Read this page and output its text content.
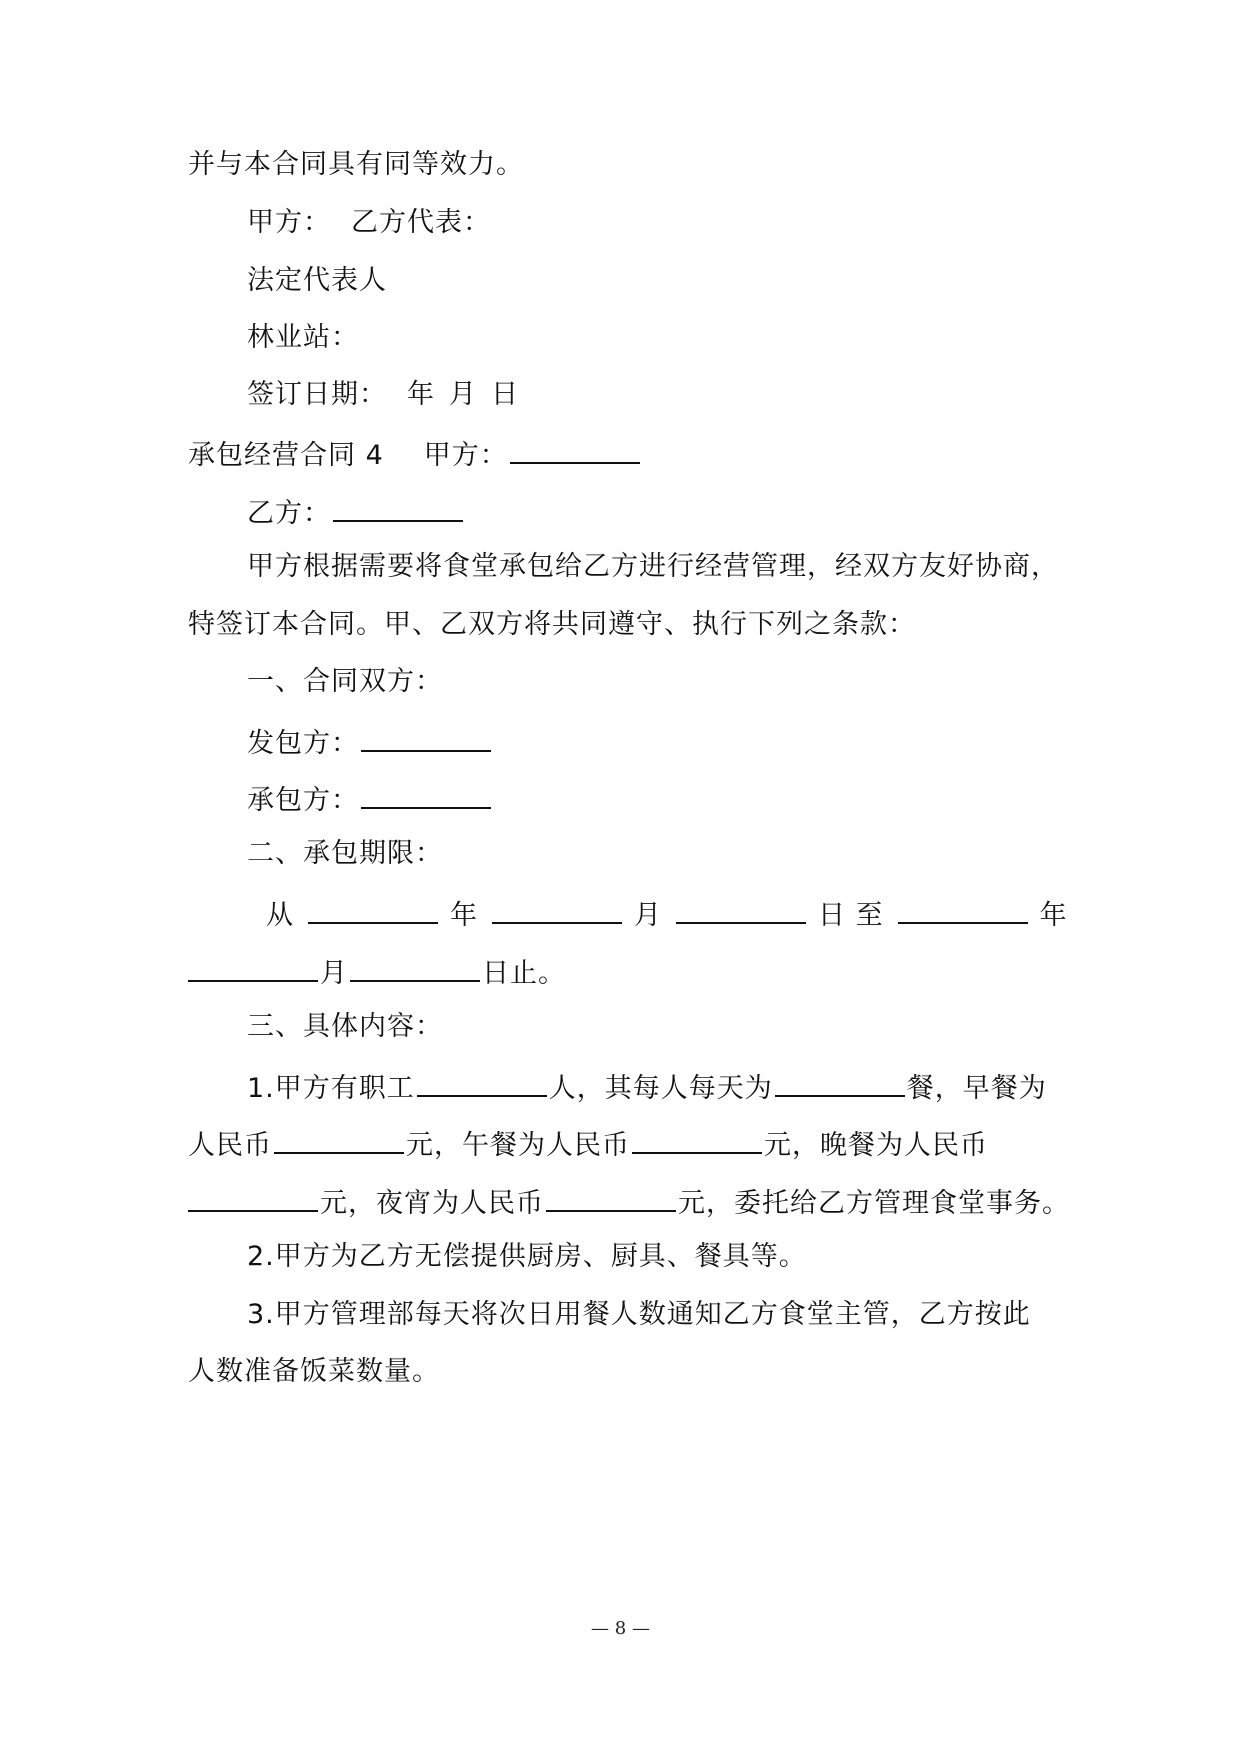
并与本合同具有同等效力。
甲方： 乙方代表：
法定代表人
林业站：
签订日期： 年 月 日
承包经营合同 4 甲方：
乙方：
甲方根据需要将食堂承包给乙方进行经营管理，经双方友好协商，
特签订本合同。甲、乙双方将共同遵守、执行下列之条款：
一、合同双方：
发包方：
承包方：
二、承包期限：
从	年	月	日 至	年
月	日止。
三、具体内容：
1.甲方有职工	人，其每人每天为	餐，早餐为
人民币	元，午餐为人民币	元，晚餐为人民币
元，夜宵为人民币	元，委托给乙方管理食堂事务。
2.甲方为乙方无偿提供厨房、厨具、餐具等。
3.甲方管理部每天将次日用餐人数通知乙方食堂主管，乙方按此
人数准备饭菜数量。
— 8 —
